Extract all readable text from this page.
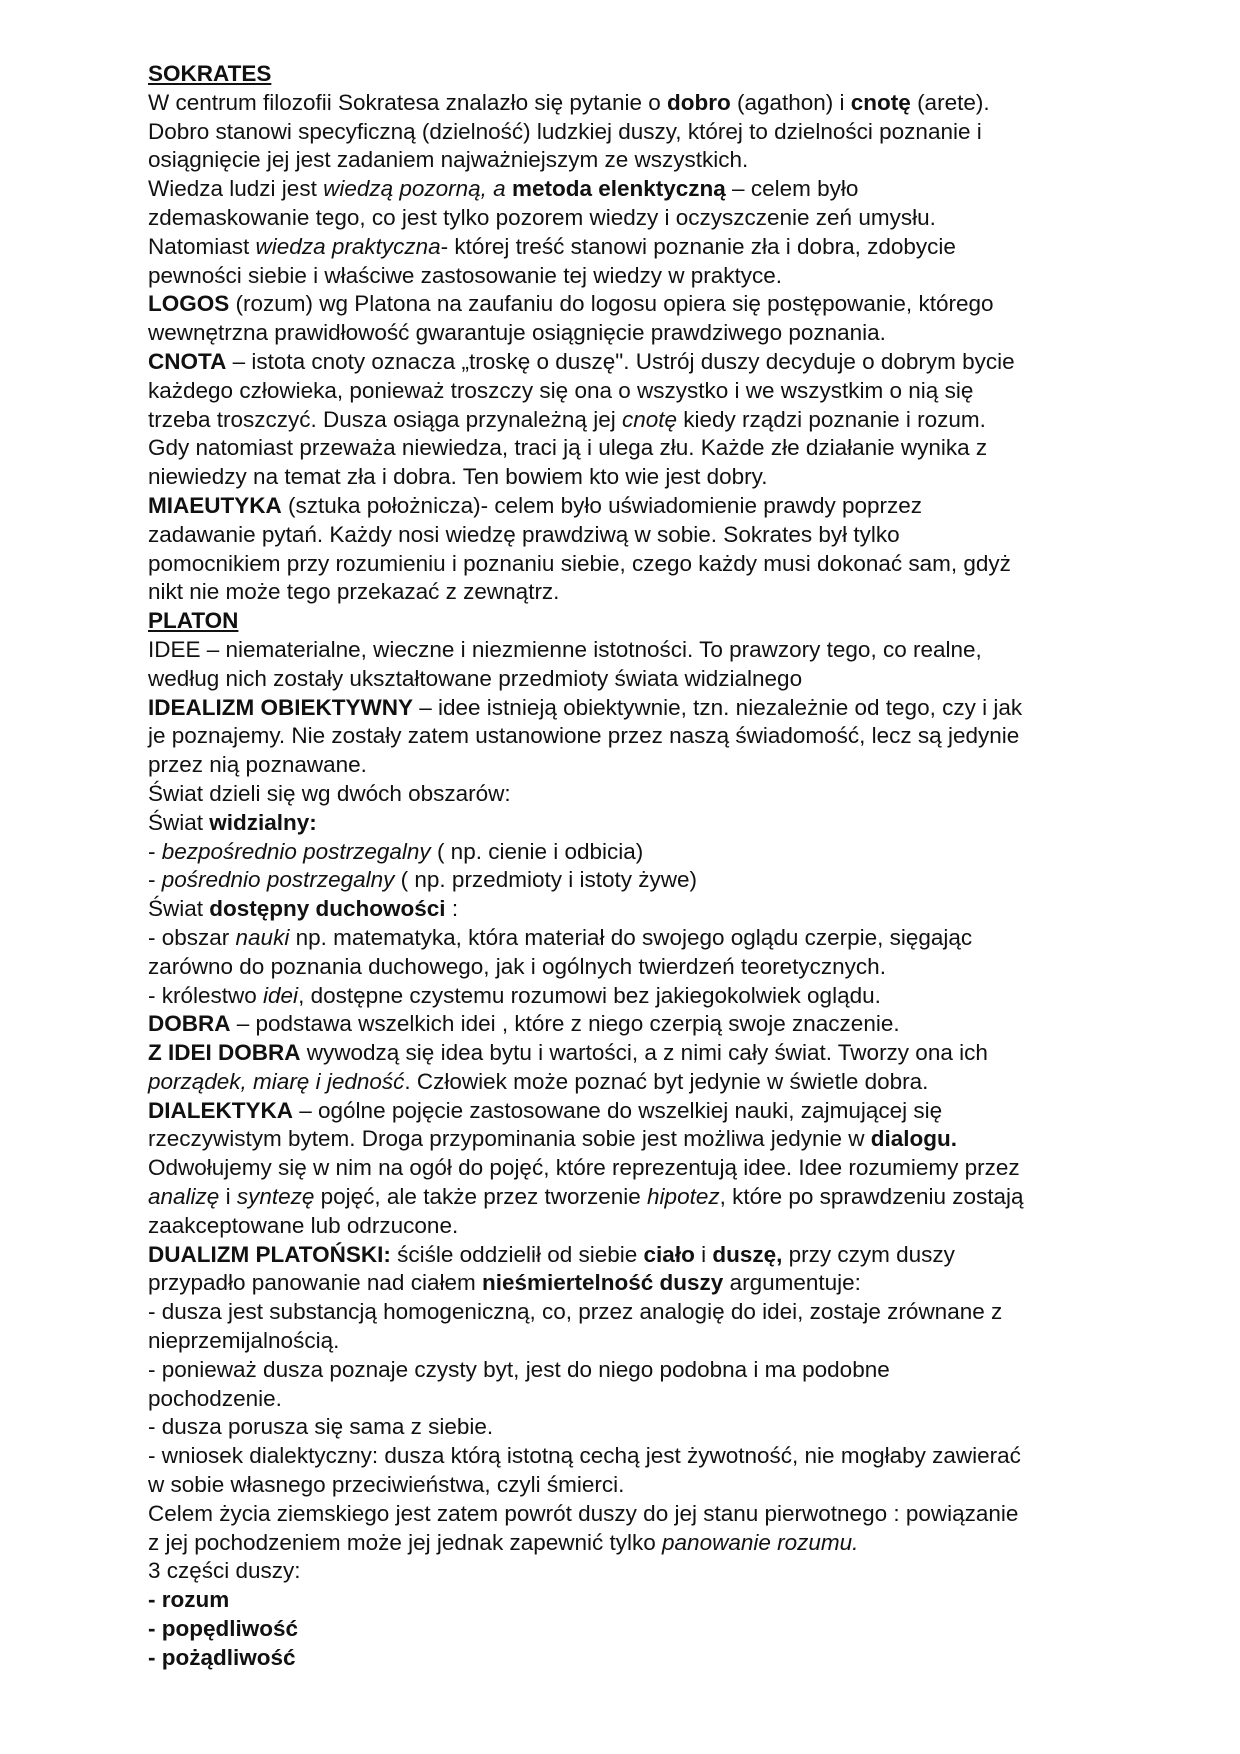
SOKRATES
W centrum filozofii Sokratesa znalazło się pytanie o dobro (agathon) i cnotę (arete).
Dobro stanowi specyficzną (dzielność) ludzkiej duszy, której to dzielności poznanie i
osiągnięcie jej jest zadaniem najważniejszym ze wszystkich.
Wiedza ludzi jest wiedzą pozorną, a metoda elenktyczną – celem było
zdemaskowanie tego, co jest tylko pozorem wiedzy i oczyszczenie zeń umysłu.
Natomiast wiedza praktyczna- której treść stanowi poznanie zła i dobra, zdobycie
pewności siebie i właściwe zastosowanie tej wiedzy w praktyce.
LOGOS (rozum) wg Platona na zaufaniu do logosu opiera się postępowanie, którego
wewnętrzna prawidłowość gwarantuje osiągnięcie prawdziwego poznania.
CNOTA – istota cnoty oznacza „troskę o duszę". Ustrój duszy decyduje o dobrym bycie
każdego człowieka, ponieważ troszczy się ona o wszystko i we wszystkim o nią się
trzeba troszczyć. Dusza osiąga przynależną jej cnotę kiedy rządzi poznanie i rozum.
Gdy natomiast przeważa niewiedza, traci ją i ulega złu. Każde złe działanie wynika z
niewiedzy na temat zła i dobra. Ten bowiem kto wie jest dobry.
MIAEUTYKA (sztuka położnicza)- celem było uświadomienie prawdy poprzez
zadawanie pytań. Każdy nosi wiedzę prawdziwą w sobie. Sokrates był tylko
pomocnikiem przy rozumieniu i poznaniu siebie, czego każdy musi dokonać sam, gdyż
nikt nie może tego przekazać z zewnątrz.
PLATON
IDEE – niematerialne, wieczne i niezmienne istotności. To prawzory tego, co realne,
według nich zostały ukształtowane przedmioty świata widzialnego
IDEALIZM OBIEKTYWNY – idee istnieją obiektywnie, tzn. niezależnie od tego, czy i jak
je poznajemy. Nie zostały zatem ustanowione przez naszą świadomość, lecz są jedynie
przez nią poznawane.
Świat dzieli się wg dwóch obszarów:
Świat widzialny:
- bezpośrednio postrzegalny ( np. cienie i odbicia)
- pośrednio postrzegalny ( np. przedmioty i istoty żywe)
Świat dostępny duchowości :
- obszar nauki np. matematyka, która materiał do swojego oglądu czerpie, sięgając
zarówno do poznania duchowego, jak i ogólnych twierdzeń teoretycznych.
- królestwo idei, dostępne czystemu rozumowi bez jakiegokolwiek oglądu.
DOBRA – podstawa wszelkich idei , które z niego czerpią swoje znaczenie.
Z IDEI DOBRA wywodzą się idea bytu i wartości, a z nimi cały świat. Tworzy ona ich
porządek, miarę i jedność. Człowiek może poznać byt jedynie w świetle dobra.
DIALEKTYKA – ogólne pojęcie zastosowane do wszelkiej nauki, zajmującej się
rzeczywistym bytem. Droga przypominania sobie jest możliwa jedynie w dialogu.
Odwołujemy się w nim na ogół do pojęć, które reprezentują idee. Idee rozumiemy przez
analizę i syntezę pojęć, ale także przez tworzenie hipotez, które po sprawdzeniu zostają
zaakceptowane lub odrzucone.
DUALIZM PLATOŃSKI: ściśle oddzielił od siebie ciało i duszę, przy czym duszy
przypadło panowanie nad ciałem nieśmiertelność duszy argumentuje:
- dusza jest substancją homogeniczną, co, przez analogię do idei, zostaje zrównane z
nieprzemijalnością.
- ponieważ dusza poznaje czysty byt, jest do niego podobna i ma podobne
pochodzenie.
- dusza porusza się sama z siebie.
- wniosek dialektyczny: dusza którą istotną cechą jest żywotność, nie mogłaby zawierać
w sobie własnego przeciwieństwa, czyli śmierci.
Celem życia ziemskiego jest zatem powrót duszy do jej stanu pierwotnego : powiązanie
z jej pochodzeniem może jej jednak zapewnić tylko panowanie rozumu.
3 części duszy:
- rozum
- popędliwość
- pożądliwość
